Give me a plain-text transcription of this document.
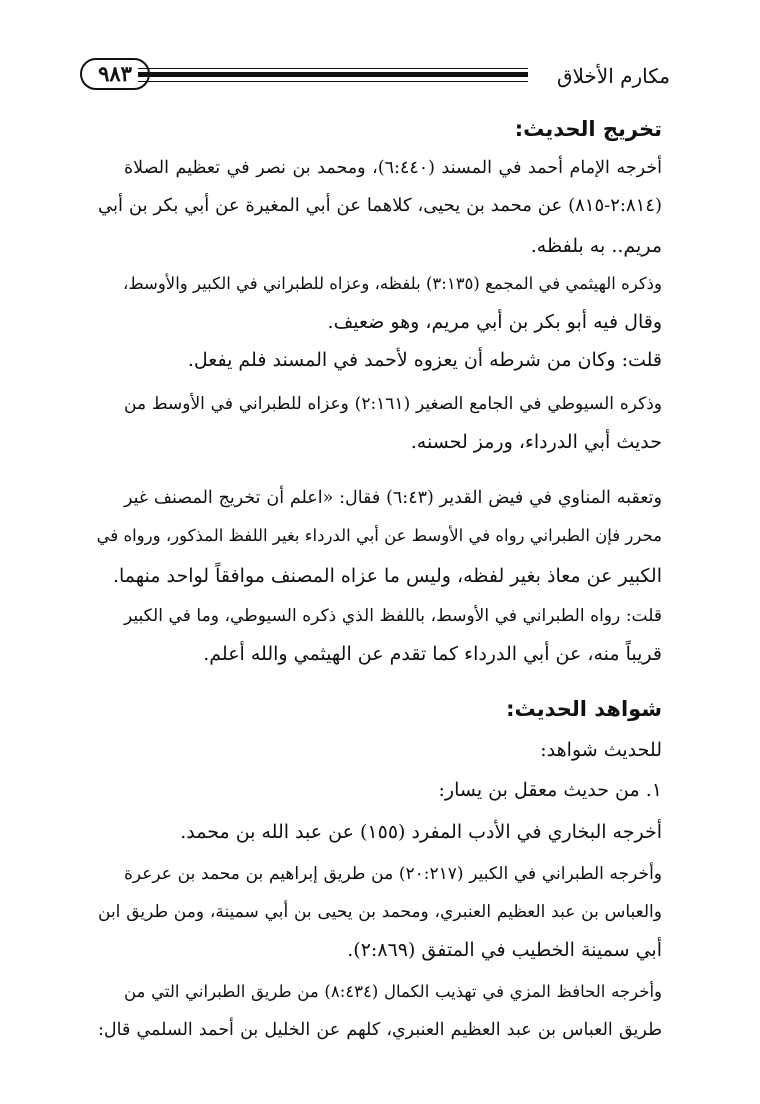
٩٨٣	مكارم الأخلاق
تخريج الحديث:
أخرجه الإمام أحمد في المسند (٦:٤٤٠)، ومحمد بن نصر في تعظيم الصلاة
(٢:٨١٤-٨١٥) عن محمد بن يحيى، كلاهما عن أبي المغيرة عن أبي بكر بن أبي
مريم.. به بلفظه.
وذكره الهيثمي في المجمع (٣:١٣٥) بلفظه، وعزاه للطبراني في الكبير والأوسط،
وقال فيه أبو بكر بن أبي مريم، وهو ضعيف.
قلت: وكان من شرطه أن يعزوه لأحمد في المسند فلم يفعل.
وذكره السيوطي في الجامع الصغير (٢:١٦١) وعزاه للطبراني في الأوسط من
حديث أبي الدرداء، ورمز لحسنه.
وتعقبه المناوي في فيض القدير (٦:٤٣) فقال: «اعلم أن تخريج المصنف غير
محرر فإن الطبراني رواه في الأوسط عن أبي الدرداء بغير اللفظ المذكور، ورواه في
الكبير عن معاذ بغير لفظه، وليس ما عزاه المصنف موافقاً لواحد منهما.
قلت: رواه الطبراني في الأوسط، باللفظ الذي ذكره السيوطي، وما في الكبير
قريباً منه، عن أبي الدرداء كما تقدم عن الهيثمي والله أعلم.
شواهد الحديث:
للحديث شواهد:
١. من حديث معقل بن يسار:
أخرجه البخاري في الأدب المفرد (١٥٥) عن عبد الله بن محمد.
وأخرجه الطبراني في الكبير (٢٠:٢١٧) من طريق إبراهيم بن محمد بن عرعرة
والعباس بن عبد العظيم العنبري، ومحمد بن يحيى بن أبي سمينة، ومن طريق ابن
أبي سمينة الخطيب في المتفق (٢:٨٦٩).
وأخرجه الحافظ المزي في تهذيب الكمال (٨:٤٣٤) من طريق الطبراني التي من
طريق العباس بن عبد العظيم العنبري، كلهم عن الخليل بن أحمد السلمي قال:
